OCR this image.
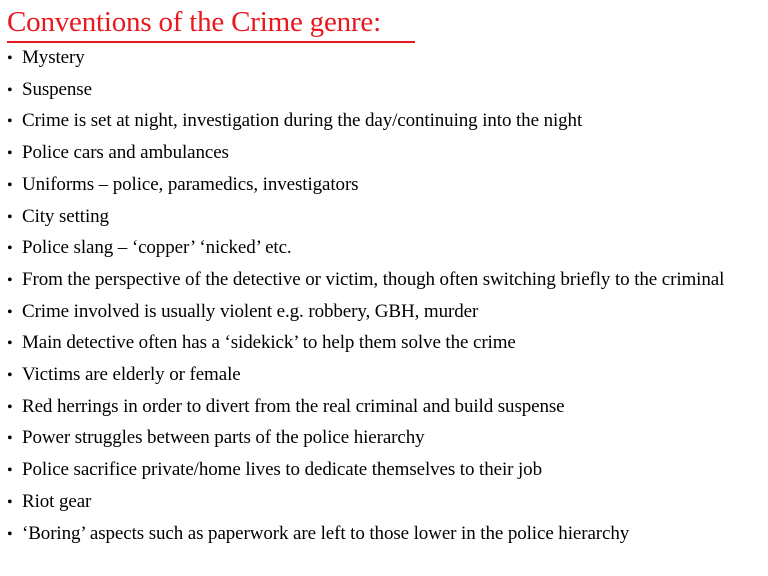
Conventions of the Crime genre:
• Mystery
• Suspense
• Crime is set at night, investigation during the day/continuing into the night
• Police cars and ambulances
• Uniforms – police, paramedics, investigators
• City setting
• Police slang – ‘copper’ ‘nicked’ etc.
• From the perspective of the detective or victim, though often switching briefly to the criminal
• Crime involved is usually violent e.g. robbery, GBH, murder
• Main detective often has a ‘sidekick’ to help them solve the crime
• Victims are elderly or female
• Red herrings in order to divert from the real criminal and build suspense
• Power struggles between parts of the police hierarchy
• Police sacrifice private/home lives to dedicate themselves to their job
• Riot gear
• ‘Boring’ aspects such as paperwork are left to those lower in the police hierarchy
